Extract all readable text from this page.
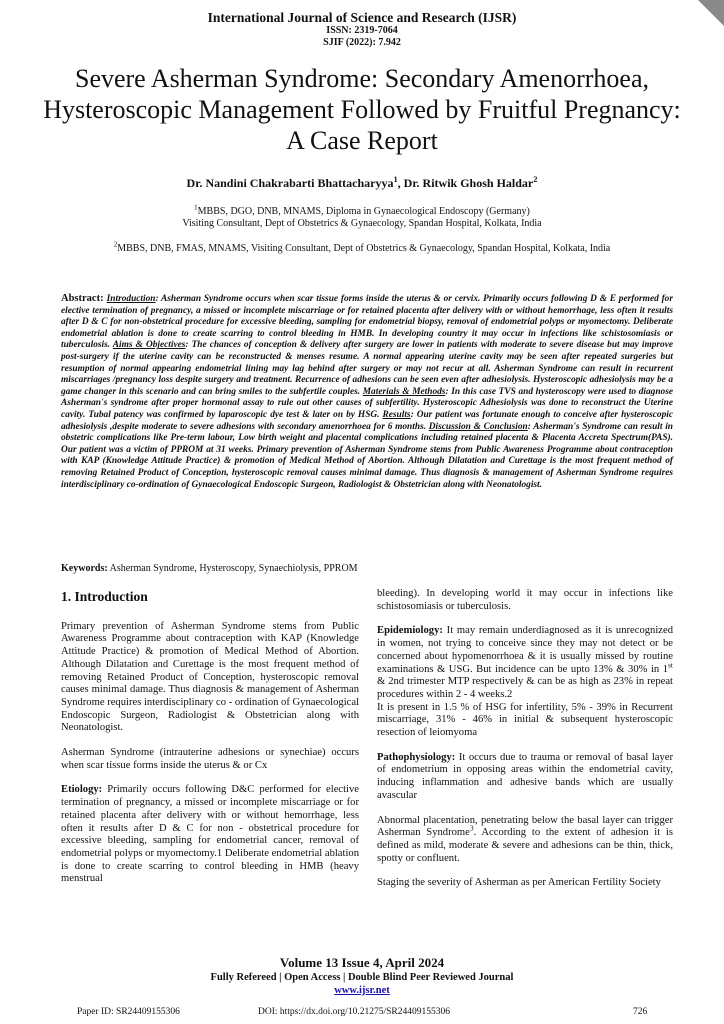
International Journal of Science and Research (IJSR)
ISSN: 2319-7064
SJIF (2022): 7.942
Severe Asherman Syndrome: Secondary Amenorrhoea, Hysteroscopic Management Followed by Fruitful Pregnancy: A Case Report
Dr. Nandini Chakrabarti Bhattacharyya$^1$, Dr. Ritwik Ghosh Haldar$^2$
$^1$MBBS, DGO, DNB, MNAMS, Diploma in Gynaecological Endoscopy (Germany)
Visiting Consultant, Dept of Obstetrics & Gynaecology, Spandan Hospital, Kolkata, India
$^2$MBBS, DNB, FMAS, MNAMS, Visiting Consultant, Dept of Obstetrics & Gynaecology, Spandan Hospital, Kolkata, India
Abstract: Introduction: Asherman Syndrome occurs when scar tissue forms inside the uterus & or cervix. Primarily occurs following D & E performed for elective termination of pregnancy, a missed or incomplete miscarriage or for retained placenta after delivery with or without hemorrhage, less often it results after D & C for non-obstetrical procedure for excessive bleeding, sampling for endometrial biopsy, removal of endometrial polyps or myomectomy. Deliberate endometrial ablation is done to create scarring to control bleeding in HMB. In developing country it may occur in infections like schistosomiasis or tuberculosis. Aims & Objectives: The chances of conception & delivery after surgery are lower in patients with moderate to severe disease but may improve post-surgery if the uterine cavity can be reconstructed & menses resume. A normal appearing uterine cavity may be seen after repeated surgeries but resumption of normal appearing endometrial lining may lag behind after surgery or may not recur at all. Asherman Syndrome can result in recurrent miscarriages /pregnancy loss despite surgery and treatment. Recurrence of adhesions can be seen even after adhesiolysis. Hysteroscopic adhesiolysis may be a game changer in this scenario and can bring smiles to the subfertile couples. Materials & Methods: In this case TVS and hysteroscopy were used to diagnose Asherman's syndrome after proper hormonal assay to rule out other causes of subfertility. Hysteroscopic Adhesiolysis was done to reconstruct the Uterine cavity. Tubal patency was confirmed by laparoscopic dye test & later on by HSG. Results: Our patient was fortunate enough to conceive after hysteroscopic adhesiolysis ,despite moderate to severe adhesions with secondary amenorrhoea for 6 months. Discussion & Conclusion: Asherman's Syndrome can result in obstetric complications like Pre-term labour, Low birth weight and placental complications including retained placenta & Placenta Accreta Spectrum(PAS). Our patient was a victim of PPROM at 31 weeks. Primary prevention of Asherman Syndrome stems from Public Awareness Programme about contraception with KAP (Knowledge Attitude Practice) & promotion of Medical Method of Abortion. Although Dilatation and Curettage is the most frequent method of removing Retained Product of Conception, hysteroscopic removal causes minimal damage. Thus diagnosis & management of Asherman Syndrome requires interdisciplinary co-ordination of Gynaecological Endoscopic Surgeon, Radiologist & Obstetrician along with Neonatologist.
Keywords: Asherman Syndrome, Hysteroscopy, Synaechiolysis, PPROM
1. Introduction

Primary prevention of Asherman Syndrome stems from Public Awareness Programme about contraception with KAP (Knowledge Attitude Practice) & promotion of Medical Method of Abortion. Although Dilatation and Curettage is the most frequent method of removing Retained Product of Conception, hysteroscopic removal causes minimal damage. Thus diagnosis & management of Asherman Syndrome requires interdisciplinary co - ordination of Gynaecological Endoscopic Surgeon, Radiologist & Obstetrician along with Neonatologist.

Asherman Syndrome (intrauterine adhesions or synechiae) occurs when scar tissue forms inside the uterus & or Cx

Etiology: Primarily occurs following D&C performed for elective termination of pregnancy, a missed or incomplete miscarriage or for retained placenta after delivery with or without hemorrhage, less often it results after D & C for non - obstetrical procedure for excessive bleeding, sampling for endometrial cancer, removal of endometrial polyps or myomectomy.1 Deliberate endometrial ablation is done to create scarring to control bleeding in HMB (heavy menstrual

bleeding). In developing world it may occur in infections like schistosomiasis or tuberculosis.

Epidemiology: It may remain underdiagnosed as it is unrecognized in women, not trying to conceive since they may not detect or be concerned about hypomenorrhoea & it is usually missed by routine examinations & USG. But incidence can be upto 13% & 30% in 1st & 2nd trimester MTP respectively & can be as high as 23% in repeat procedures within 2 - 4 weeks.2

It is present in 1.5 % of HSG for infertility, 5% - 39% in Recurrent miscarriage, 31% - 46% in initial & subsequent hysteroscopic resection of leiomyoma

Pathophysiology: It occurs due to trauma or removal of basal layer of endometrium in opposing areas within the endometrial cavity, inducing inflammation and adhesive bands which are usually avascular

Abnormal placentation, penetrating below the basal layer can trigger Asherman Syndrome$^3$. According to the extent of adhesion it is defined as mild, moderate & severe and adhesions can be thin, thick, spotty or confluent.

Staging the severity of Asherman as per American Fertility Society

Volume 13 Issue 4, April 2024
Fully Refereed | Open Access | Double Blind Peer Reviewed Journal
www.ijsr.net
Paper ID: SR24409155306	DOI: https://dx.doi.org/10.21275/SR24409155306	726
